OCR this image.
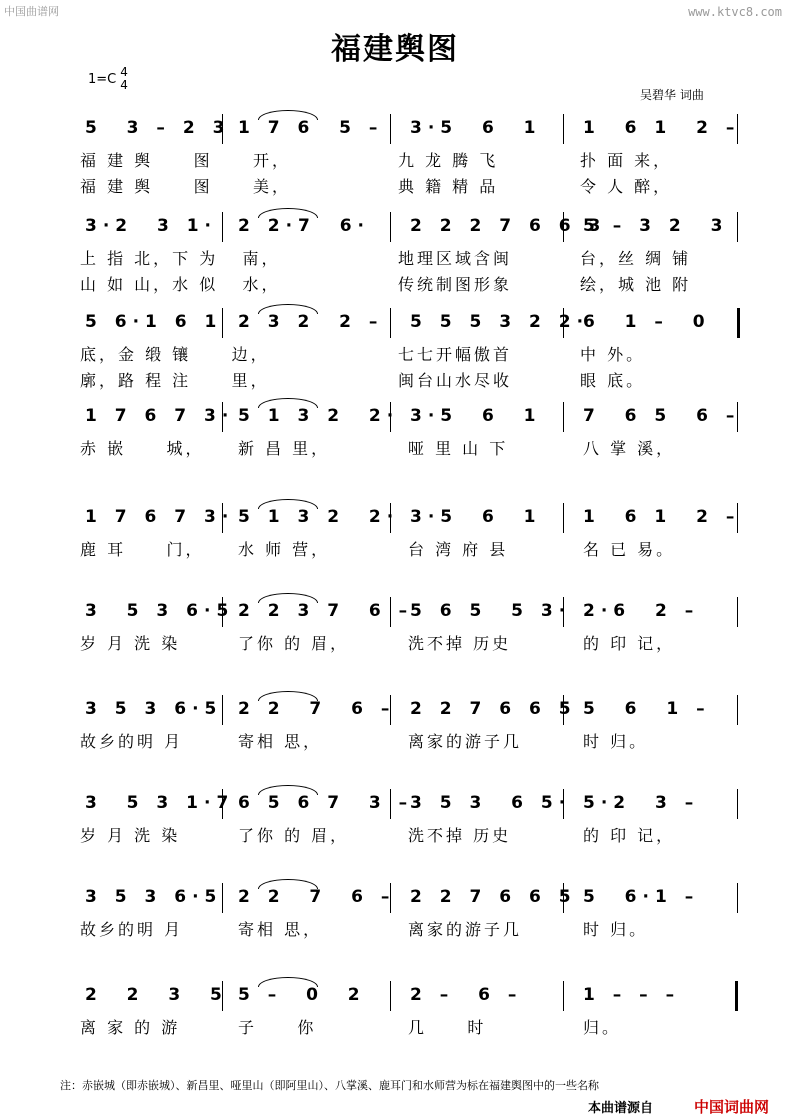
中国曲谱网	www.ktvc8.com
福建舆图
1=C 4
4
吴碧华 词曲
5  3 – 2 3 1 7 6  5 – 3·5  6  1 1  6 1  2 –
福 建 舆     图     开，	九 龙 腾 飞	扑 面 来，
福 建 舆     图     美，	典 籍 精 品	令 人 醉，
3·2  3 1· 2 2·7  6· 2 2 2 7 6 6 3
5 – 3 2  3
上 指 北，下 为   南，	地理区域含闽	台，丝 绸 铺
山 如 山，水 似   水，	传统制图形象	绘，城 池 附
5 6·1 6 1 2 3 2  2 – 5 5 5 3 2 2·
6  1 –  0
底，金 缎 镶     边，	七七开幅傲首	中 外。
廓，路 程 注     里，	闽台山水尽收	眼 底。
1 7 6 7 3· 5 1 3 2  2· 3·5  6  1 7  6 5  6 –
赤 嵌     城， 新 昌 里，	哑 里 山 下	八 掌 溪，
1 7 6 7 3· 5 1 3 2  2· 3·5  6  1 1  6 1  2 –
鹿 耳     门， 水 师 营，	台 湾 府 县	名 已 易。
3  5 3 6·5 2 2 3 7  6 –
5 6 5  5 3· 2·6  2 –
岁 月 洗 染	了你 的 眉，	洗不掉 历史	的 印 记，
3 5 3 6·5 2 2  7  6 – 2 2 7 6 6 5 5  6  1 –
故乡的明 月	寄相 思，	离家的游子几	时 归。
3  5 3 1·7 6 5 6 7  3 –
3 5 3  6 5· 5·2  3 –
岁 月 洗 染	了你 的 眉，	洗不掉 历史	的 印 记，
3 5 3 6·5 2 2  7  6 – 2 2 7 6 6 5 5  6·1 –
故乡的明 月	寄相 思，	离家的游子几	时 归。
2  2  3  5 5 –  0  2	2 –  6 –	1 – – –
离 家 的 游	子     你	几     时	归。
注：赤嵌城（即赤嵌城）、新昌里、哑里山（即阿里山）、八掌溪、鹿耳门和水师营为标在福建舆图中的一些名称
本曲谱源自	中国词曲网
